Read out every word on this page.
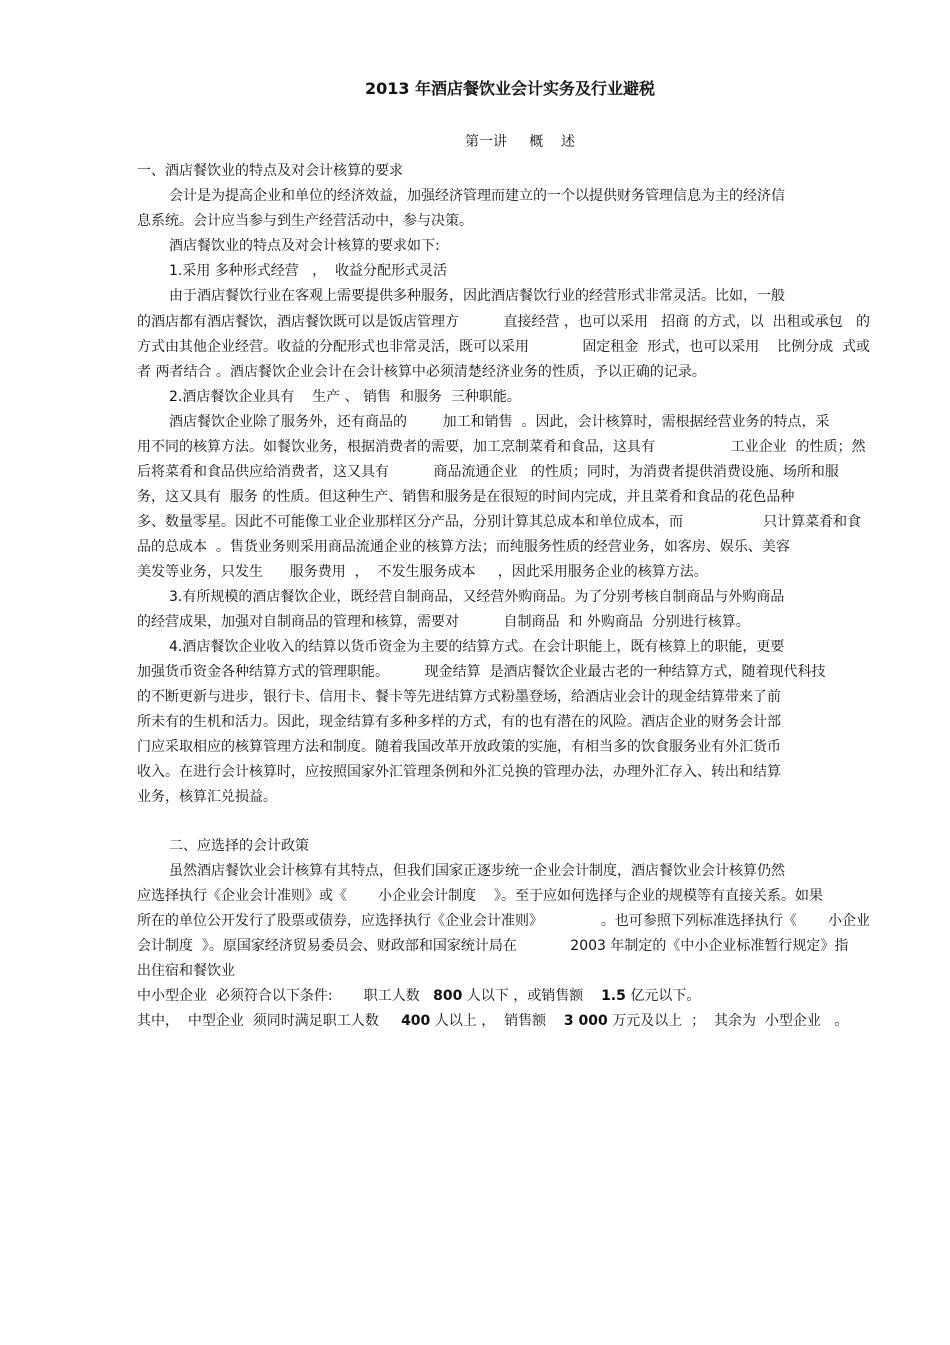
2013 年酒店餐饮业会计实务及行业避税
第一讲     概    述
一、酒店餐饮业的特点及对会计核算的要求
会计是为提高企业和单位的经济效益，加强经济管理而建立的一个以提供财务管理信息为主的经济信
息系统。会计应当参与到生产经营活动中，参与决策。
酒店餐饮业的特点及对会计核算的要求如下:
1.采用 多种形式经营   ，  收益分配形式灵活
由于酒店餐饮行业在客观上需要提供多种服务，因此酒店餐饮行业的经营形式非常灵活。比如，一般
的酒店都有酒店餐饮，酒店餐饮既可以是饭店管理方          直接经营 ，也可以采用   招商 的方式，以  出租或承包   的
方式由其他企业经营。收益的分配形式也非常灵活，既可以采用            固定租金  形式，也可以采用    比例分成  式或
者 两者结合 。酒店餐饮企业会计在会计核算中必须清楚经济业务的性质，予以正确的记录。
2.酒店餐饮企业具有    生产 、 销售  和服务  三种职能。
酒店餐饮企业除了服务外，还有商品的        加工和销售  。因此，会计核算时，需根据经营业务的特点，采
用不同的核算方法。如餐饮业务，根据消费者的需要，加工烹制菜肴和食品，这具有                 工业企业  的性质；然
后将菜肴和食品供应给消费者，这又具有          商品流通企业   的性质；同时，为消费者提供消费设施、场所和服
务，这又具有  服务 的性质。但这种生产、销售和服务是在很短的时间内完成，并且菜肴和食品的花色品种
多、数量零星。因此不可能像工业企业那样区分产品，分别计算其总成本和单位成本，而                  只计算菜肴和食
品的总成本  。售货业务则采用商品流通企业的核算方法；而纯服务性质的经营业务，如客房、娱乐、美容
美发等业务，只发生      服务费用  ，  不发生服务成本     ，因此采用服务企业的核算方法。
3.有所规模的酒店餐饮企业，既经营自制商品，又经营外购商品。为了分别考核自制商品与外购商品
的经营成果，加强对自制商品的管理和核算，需要对          自制商品  和 外购商品  分别进行核算。
4.酒店餐饮企业收入的结算以货币资金为主要的结算方式。在会计职能上，既有核算上的职能，更要
加强货币资金各种结算方式的管理职能。        现金结算  是酒店餐饮企业最古老的一种结算方式，随着现代科技
的不断更新与进步，银行卡、信用卡、餐卡等先进结算方式粉墨登场，给酒店业会计的现金结算带来了前
所未有的生机和活力。因此，现金结算有多种多样的方式，有的也有潜在的风险。酒店企业的财务会计部
门应采取相应的核算管理方法和制度。随着我国改革开放政策的实施，有相当多的饮食服务业有外汇货币
收入。在进行会计核算时，应按照国家外汇管理条例和外汇兑换的管理办法，办理外汇存入、转出和结算
业务，核算汇兑损益。
二、应选择的会计政策
虽然酒店餐饮业会计核算有其特点，但我们国家正逐步统一企业会计制度，酒店餐饮业会计核算仍然
应选择执行《企业会计准则》或《       小企业会计制度    》。至于应如何选择与企业的规模等有直接关系。如果
所在的单位公开发行了股票或债券，应选择执行《企业会计准则》             。也可参照下列标准选择执行《       小企业
会计制度  》。原国家经济贸易委员会、财政部和国家统计局在            2003 年制定的《中小企业标准暂行规定》指
出住宿和餐饮业
中小型企业  必须符合以下条件:       职工人数   800 人以下 ，或销售额    1.5 亿元以下。
其中，  中型企业  须同时满足职工人数     400 人以上 ，  销售额    3 000 万元及以上  ；  其余为  小型企业   。
